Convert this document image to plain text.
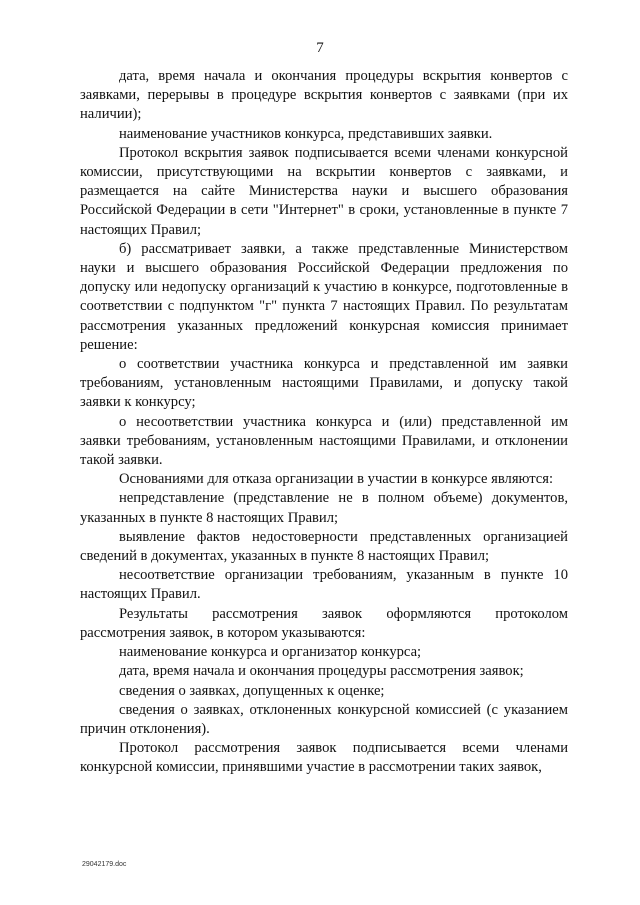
7

дата, время начала и окончания процедуры вскрытия конвертов с заявками, перерывы в процедуре вскрытия конвертов с заявками (при их наличии);

наименование участников конкурса, представивших заявки.

Протокол вскрытия заявок подписывается всеми членами конкурсной комиссии, присутствующими на вскрытии конвертов с заявками, и размещается на сайте Министерства науки и высшего образования Российской Федерации в сети "Интернет" в сроки, установленные в пункте 7 настоящих Правил;

б) рассматривает заявки, а также представленные Министерством науки и высшего образования Российской Федерации предложения по допуску или недопуску организаций к участию в конкурсе, подготовленные в соответствии с подпунктом "г" пункта 7 настоящих Правил. По результатам рассмотрения указанных предложений конкурсная комиссия принимает решение:

о соответствии участника конкурса и представленной им заявки требованиям, установленным настоящими Правилами, и допуску такой заявки к конкурсу;

о несоответствии участника конкурса и (или) представленной им заявки требованиям, установленным настоящими Правилами, и отклонении такой заявки.

Основаниями для отказа организации в участии в конкурсе являются:

непредставление (представление не в полном объеме) документов, указанных в пункте 8 настоящих Правил;

выявление фактов недостоверности представленных организацией сведений в документах, указанных в пункте 8 настоящих Правил;

несоответствие организации требованиям, указанным в пункте 10 настоящих Правил.

Результаты рассмотрения заявок оформляются протоколом рассмотрения заявок, в котором указываются:

наименование конкурса и организатор конкурса;

дата, время начала и окончания процедуры рассмотрения заявок;

сведения о заявках, допущенных к оценке;

сведения о заявках, отклоненных конкурсной комиссией (с указанием причин отклонения).

Протокол рассмотрения заявок подписывается всеми членами конкурсной комиссии, принявшими участие в рассмотрении таких заявок,

29042179.doc
